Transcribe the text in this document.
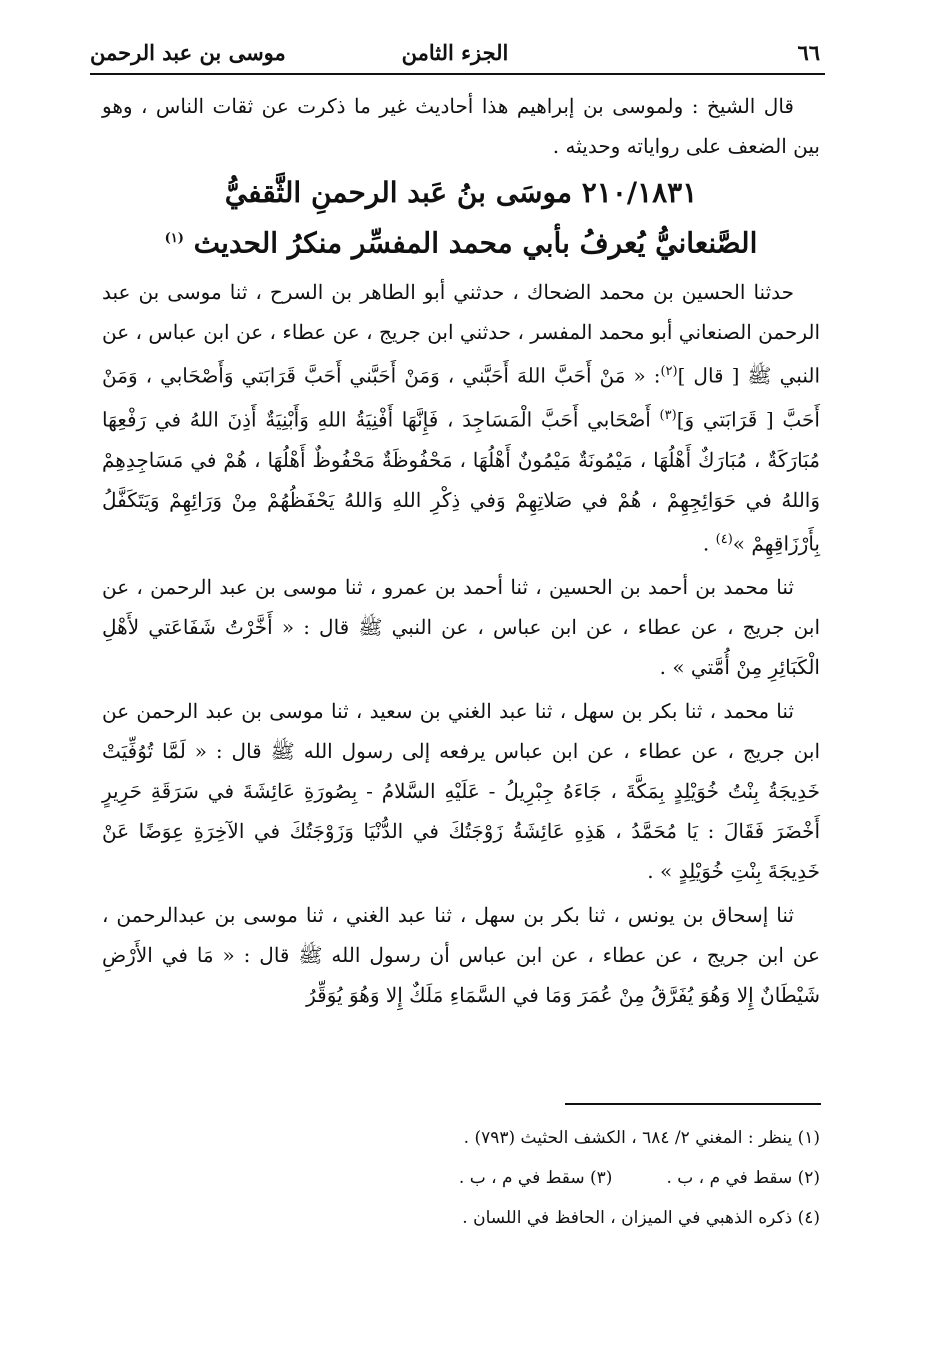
٦٦
الجزء الثامن
موسى بن عبد الرحمن

قال الشيخ : ولموسى بن إبراهيم هذا أحاديث غير ما ذكرت عن ثقات الناس ، وهو بين الضعف على رواياته وحديثه .

٢١٠/١٨٣١ موسَى بنُ عَبد الرحمنِ الثَّقفيُّ
الصَّنعانيُّ يُعرفُ بأبي محمد المفسِّر منكرُ الحديث $^{(١)}$

حدثنا الحسين بن محمد الضحاك ، حدثني أبو الطاهر بن السرح ، ثنا موسى بن عبد الرحمن الصنعاني أبو محمد المفسر ، حدثني ابن جريج ، عن عطاء ، عن ابن عباس ، عن النبي ﷺ [ قال ]$^{(٢)}$: « مَنْ أَحَبَّ اللهَ أَحَبَّني ، وَمَنْ أَحَبَّني أَحَبَّ قَرَابَتي وَأَصْحَابي ، وَمَنْ أَحَبَّ [ قَرَابَتي وَ]$^{(٣)}$ أَصْحَابي أَحَبَّ الْمَسَاجِدَ ، فَإِنَّهَا أَفْنِيَةُ اللهِ وَأَبْنِيَةٌ أَذِنَ اللهُ في رَفْعِهَا مُبَارَكَةٌ ، مُبَارَكٌ أَهْلُهَا ، مَيْمُونَةٌ مَيْمُونٌ أَهْلُهَا ، مَحْفُوظَةٌ مَحْفُوظٌ أَهْلُهَا ، هُمْ في مَسَاجِدِهِمْ وَاللهُ في حَوَائِجِهِمْ ، هُمْ في صَلاتِهِمْ وَفي ذِكْرِ اللهِ وَاللهُ يَحْفَظُهُمْ مِنْ وَرَائِهِمْ وَيَتَكَفَّلُ بِأَرْزَاقِهِمْ »$^{(٤)}$ .

ثنا محمد بن أحمد بن الحسين ، ثنا أحمد بن عمرو ، ثنا موسى بن عبد الرحمن ، عن ابن جريج ، عن عطاء ، عن ابن عباس ، عن النبي ﷺ قال : « أَخَّرْتُ شَفَاعَتي لأَهْلِ الْكَبَائِرِ مِنْ أُمَّتي » .

ثنا محمد ، ثنا بكر بن سهل ، ثنا عبد الغني بن سعيد ، ثنا موسى بن عبد الرحمن عن ابن جريج ، عن عطاء ، عن ابن عباس يرفعه إلى رسول الله ﷺ قال : « لَمَّا تُوُفِّيَتْ خَدِيجَةُ بِنْتُ خُوَيْلِدٍ بِمَكَّةَ ، جَاءَهُ جِبْرِيلُ - عَلَيْهِ السَّلامُ - بِصُورَةِ عَائِشَةَ في سَرَقَةِ حَرِيرٍ أَخْضَرَ فَقَالَ : يَا مُحَمَّدُ ، هَذِهِ عَائِشَةُ زَوْجَتُكَ في الدُّنْيَا وَزَوْجَتُكَ في الآخِرَةِ عِوَضًا عَنْ خَدِيجَةَ بِنْتِ خُوَيْلِدٍ » .

ثنا إسحاق بن يونس ، ثنا بكر بن سهل ، ثنا عبد الغني ، ثنا موسى بن عبدالرحمن ، عن ابن جريج ، عن عطاء ، عن ابن عباس أن رسول الله ﷺ قال : « مَا في الأَرْضِ شَيْطَانٌ إِلا وَهُوَ يُفَرَّقُ مِنْ عُمَرَ وَمَا في السَّمَاءِ مَلَكٌ إِلا وَهُوَ يُوَقِّرُ

(١) ينظر : المغني ٢/ ٦٨٤ ، الكشف الحثيث (٧٩٣) .

(٢) سقط في م ، ب .          (٣) سقط في م ، ب .

(٤) ذكره الذهبي في الميزان ، الحافظ في اللسان .
